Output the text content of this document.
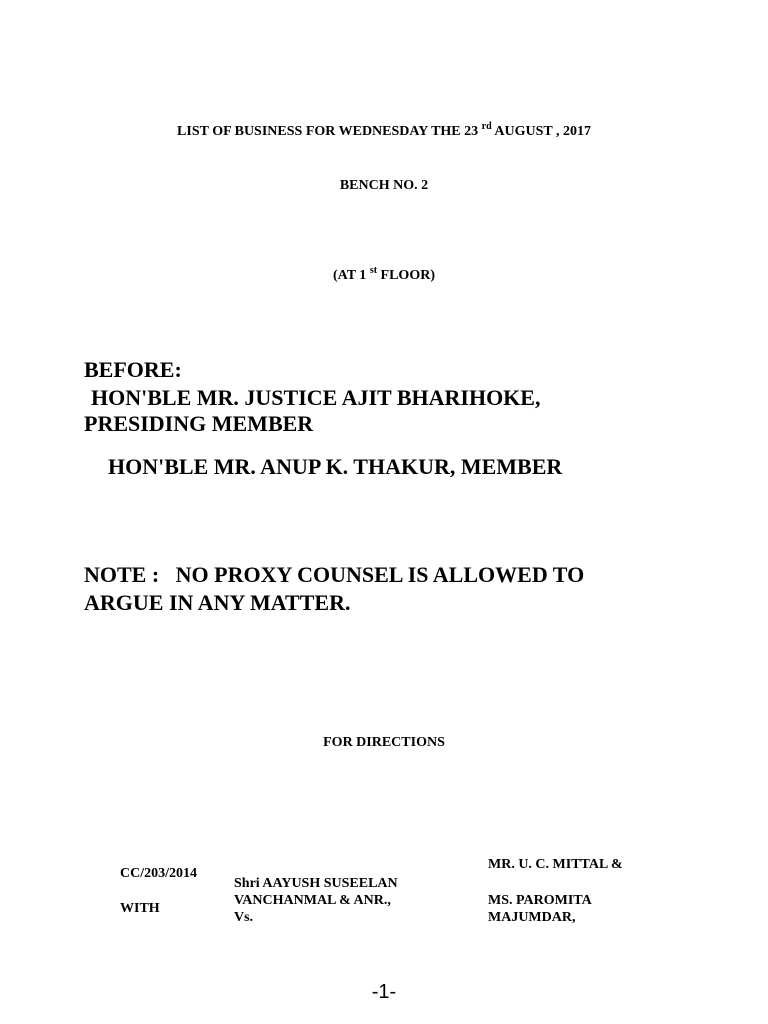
LIST OF BUSINESS FOR WEDNESDAY THE 23 $^{rd}$ AUGUST , 2017
BENCH NO. 2
(AT 1 $^{st}$ FLOOR)
BEFORE:
HON'BLE MR. JUSTICE AJIT BHARIHOKE,
PRESIDING MEMBER
HON'BLE MR. ANUP K. THAKUR, MEMBER
NOTE :   NO PROXY COUNSEL IS ALLOWED TO
ARGUE IN ANY MATTER.
FOR DIRECTIONS
CC/203/2014
WITH
Shri AAYUSH SUSEELAN
VANCHANMAL & ANR.,
Vs.
MR. U. C. MITTAL &
MS. PAROMITA
MAJUMDAR,
-1-
